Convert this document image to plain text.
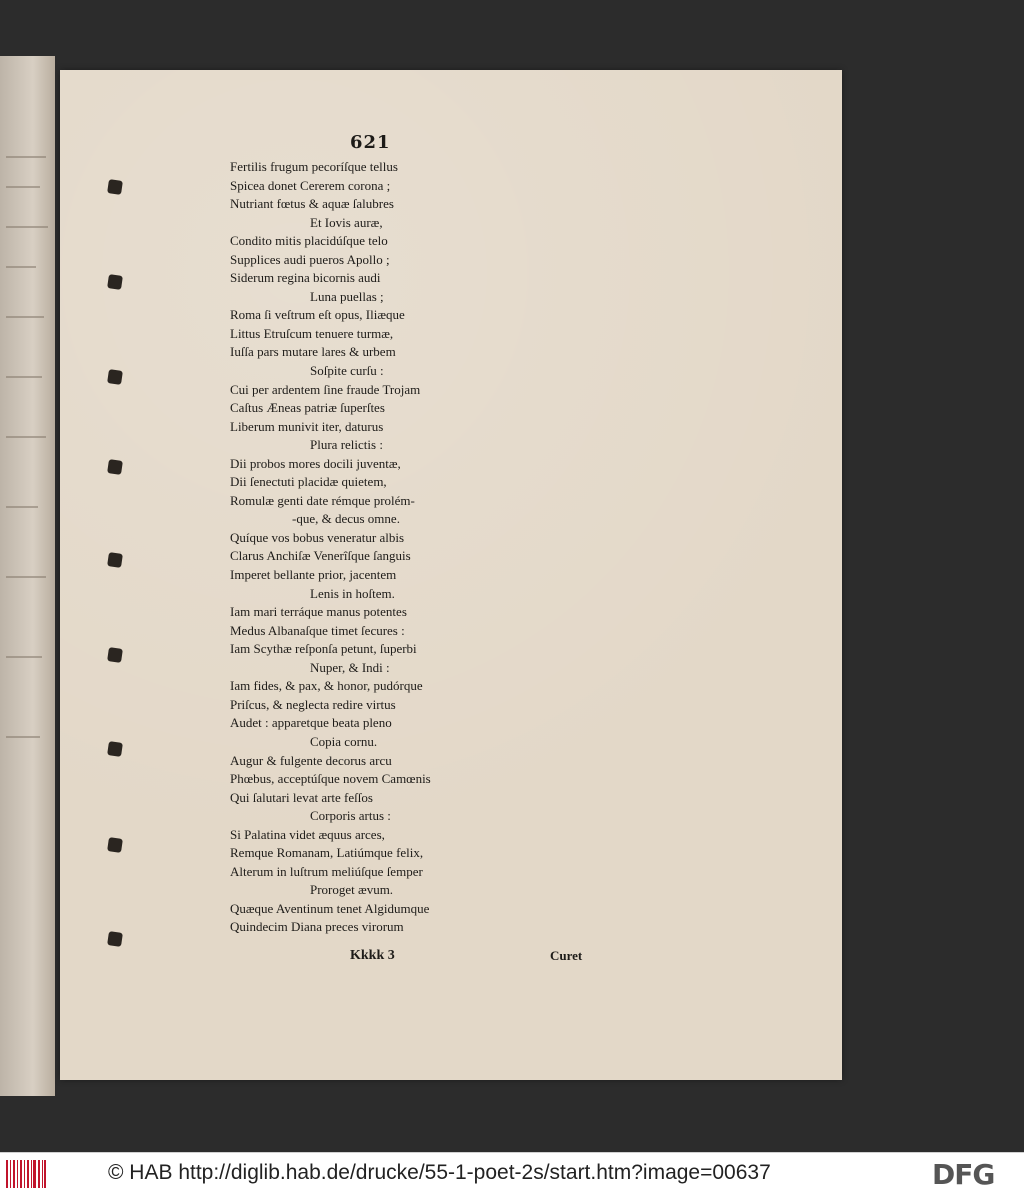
621
Fertilis frugum pecoríſque tellus
Spicea donet Cererem corona ;
Nutriant fœtus & aquæ ſalubres
Et Iovis auræ,
Condito mitis placidúſque telo
Supplices audi pueros Apollo ;
Siderum regina bicornis audi
Luna puellas ;
Roma ſi veſtrum eſt opus, Iliæque
Littus Etruſcum tenuere turmæ,
Iuſſa pars mutare lares & urbem
Soſpite curſu :
Cui per ardentem ſine fraude Trojam
Caſtus Æneas patriæ ſuperſtes
Liberum munivit iter, daturus
Plura relictis :
Dii probos mores docili juventæ,
Dii ſenectuti placidæ quietem,
Romulæ genti date rémque prolém-
-que, & decus omne.
Quíque vos bobus veneratur albis
Clarus Anchiſæ Venerîſque ſanguis
Imperet bellante prior, jacentem
Lenis in hoſtem.
Iam mari terráque manus potentes
Medus Albanaſque timet ſecures :
Iam Scythæ reſponſa petunt, ſuperbi
Nuper, & Indi :
Iam fides, & pax, & honor, pudórque
Priſcus, & neglecta redire virtus
Audet : apparetque beata pleno
Copia cornu.
Augur & fulgente decorus arcu
Phœbus, acceptúſque novem Camœnis
Qui ſalutari levat arte feſſos
Corporis artus :
Si Palatina videt æquus arces,
Remque Romanam, Latiúmque felix,
Alterum in luſtrum meliúſque ſemper
Proroget ævum.
Quæque Aventinum tenet Algidumque
Quindecim Diana preces virorum
Kkkk 3	Curet
© HAB http://diglib.hab.de/drucke/55-1-poet-2s/start.htm?image=00637	DFG
